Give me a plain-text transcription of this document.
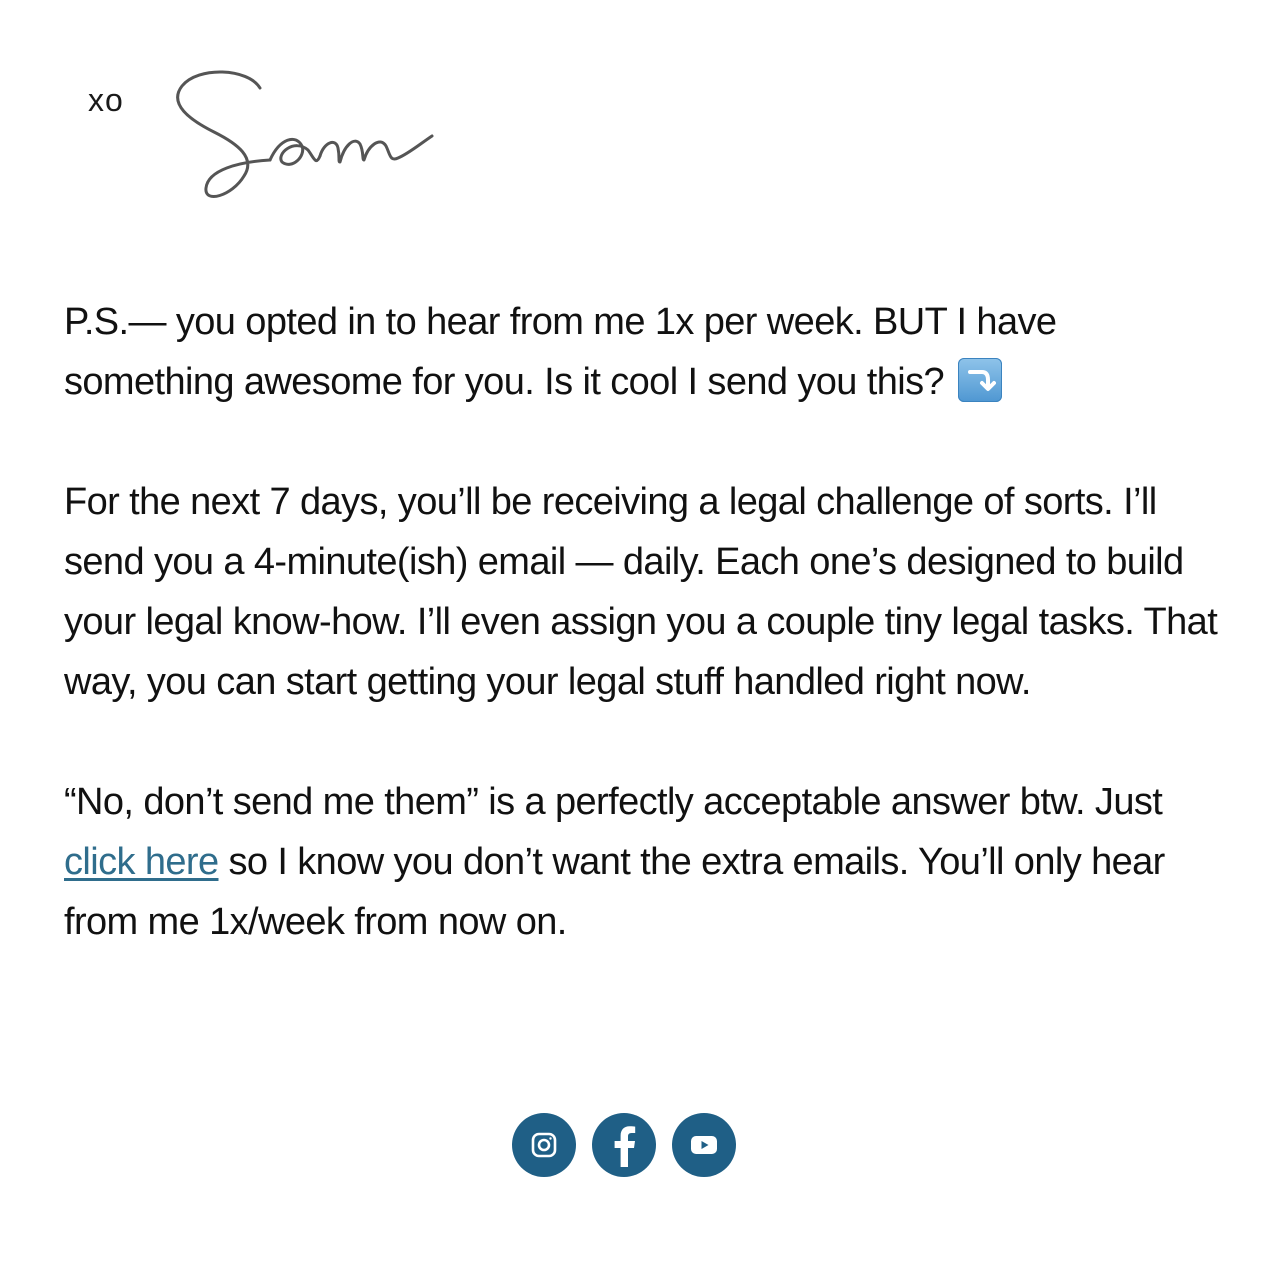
xo

P.S.— you opted in to hear from me 1x per week. BUT I have something awesome for you. Is it cool I send you this?

For the next 7 days, you’ll be receiving a legal challenge of sorts. I’ll send you a 4-minute(ish) email — daily. Each one’s designed to build your legal know-how. I’ll even assign you a couple tiny legal tasks. That way, you can start getting your legal stuff handled right now.

“No, don’t send me them” is a perfectly acceptable answer btw. Just click here so I know you don’t want the extra emails. You’ll only hear from me 1x/week from now on.
